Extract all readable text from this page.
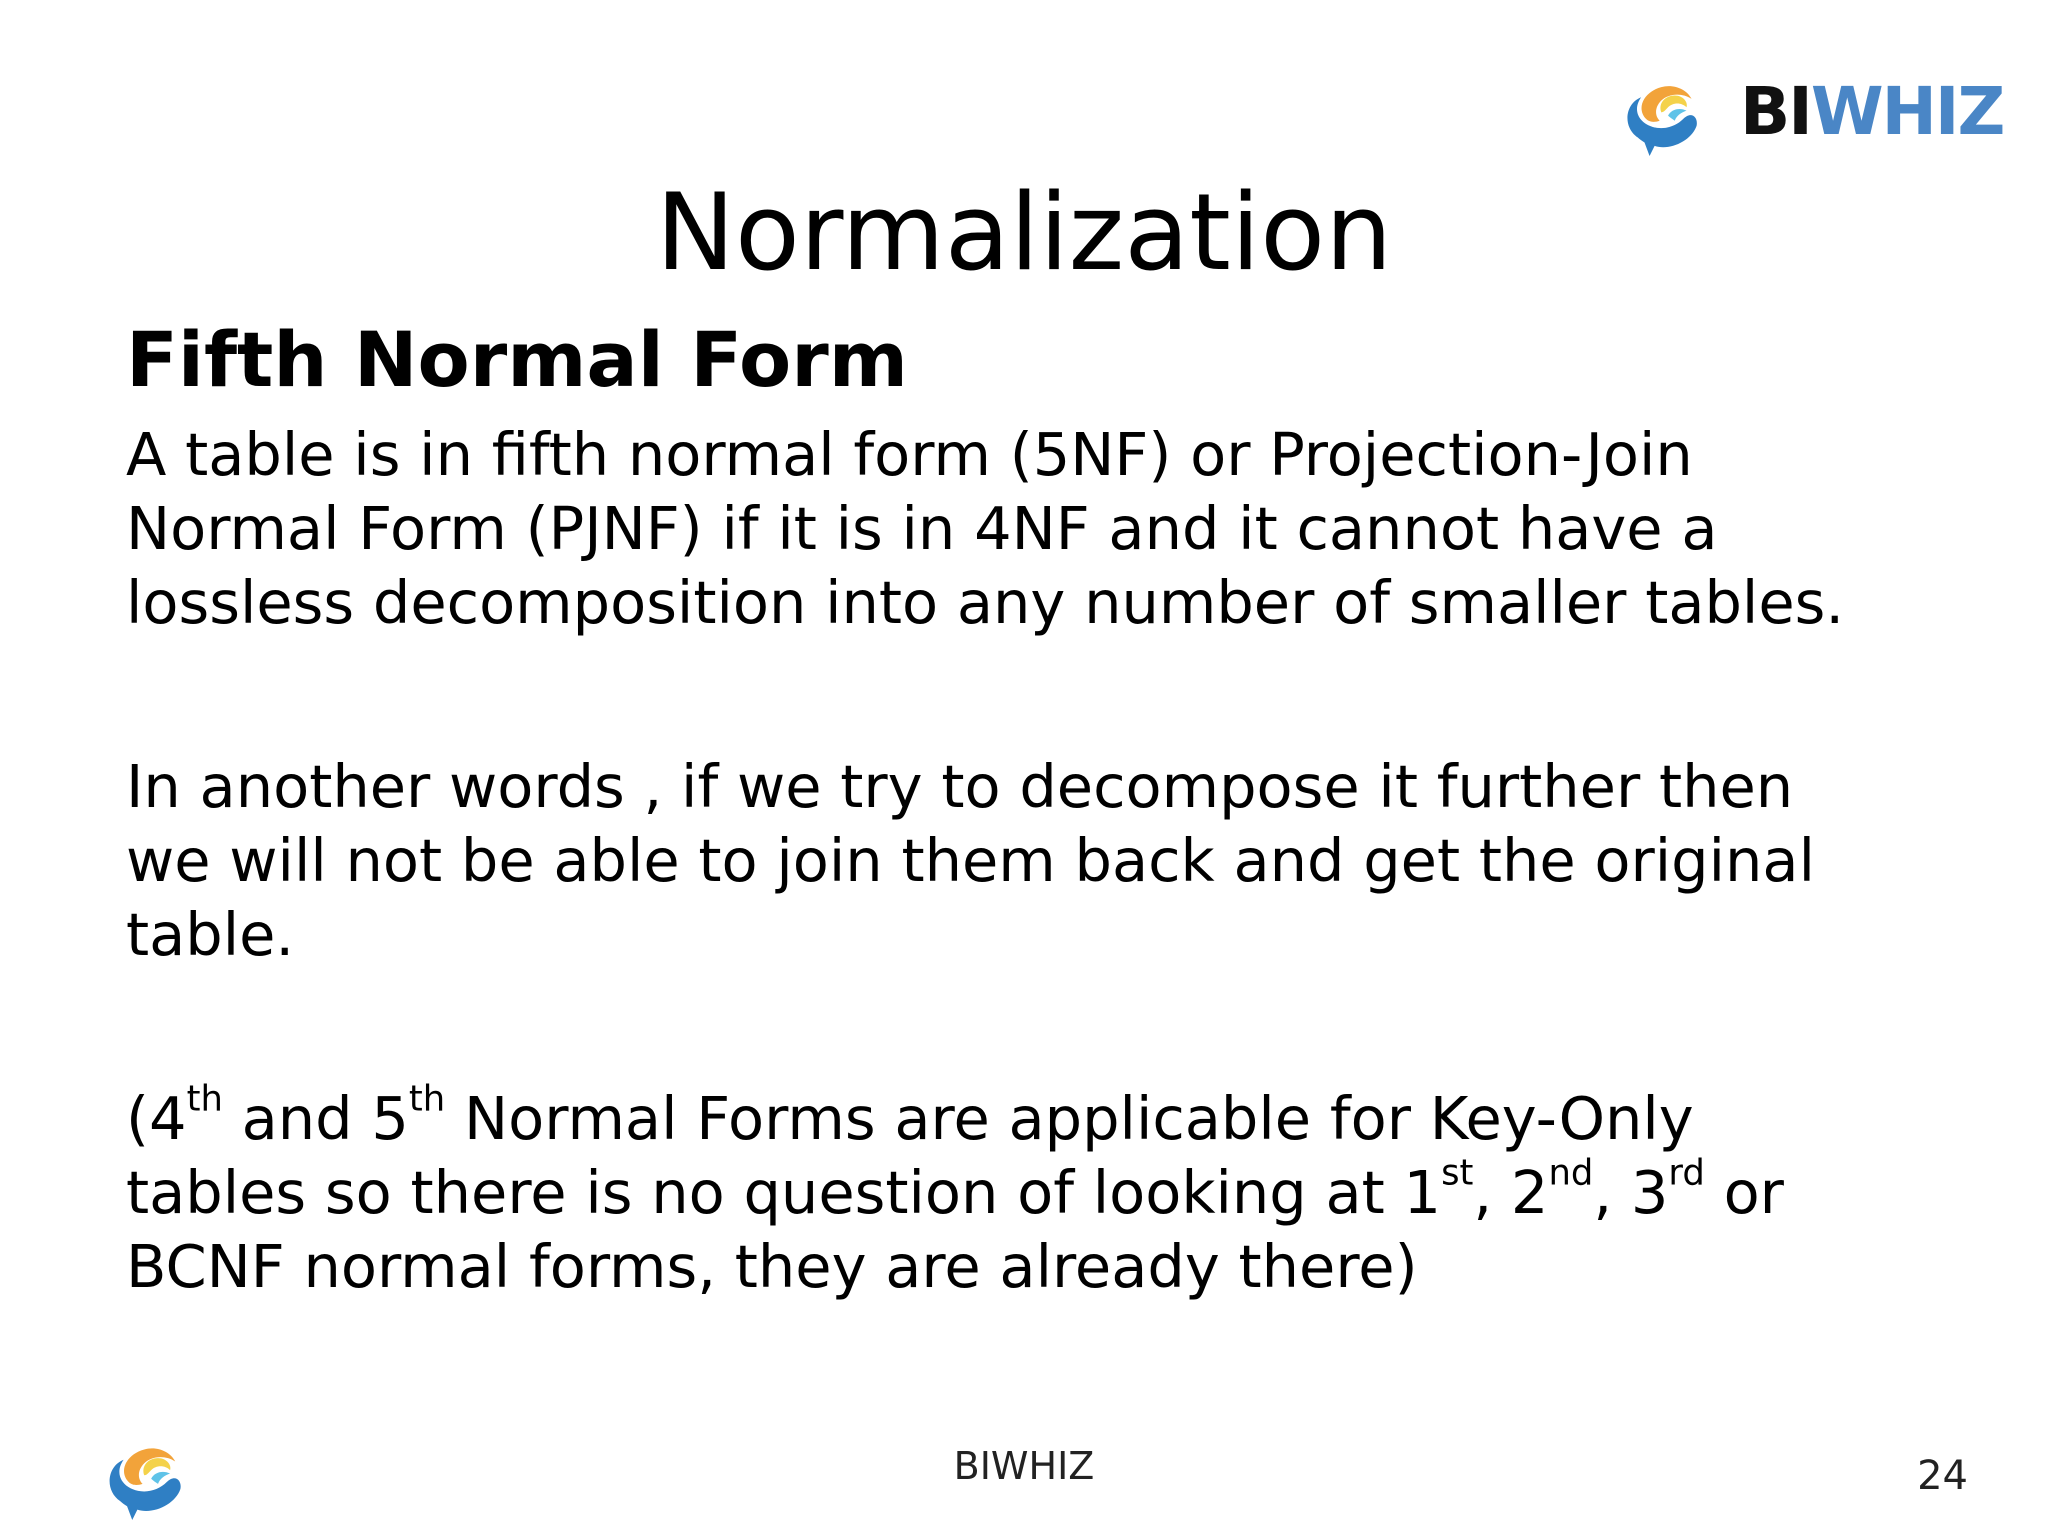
BIWHIZ
Normalization
Fifth Normal Form

A table is in fifth normal form (5NF) or Projection-Join
Normal Form (PJNF) if it is in 4NF and it cannot have a
lossless decomposition into any number of smaller tables.

In another words , if we try to decompose it further then
we will not be able to join them back and get the original
table.

(4th and 5th Normal Forms are applicable for Key-Only
tables so there is no question of looking at 1st, 2nd, 3rd or
BCNF normal forms, they are already there)

BIWHIZ	24
